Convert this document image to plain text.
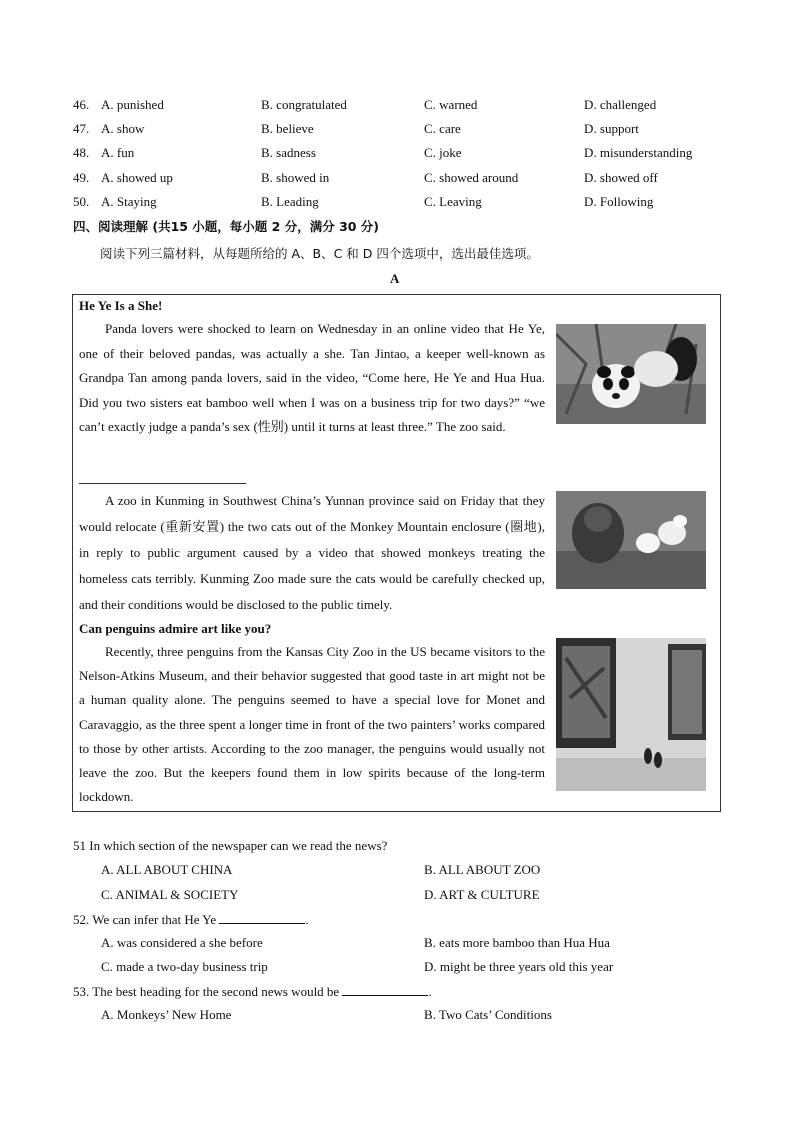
46. A. punished	B. congratulated	C. warned	D. challenged
47. A. show	B. believe	C. care	D. support
48. A. fun	B. sadness	C. joke	D. misunderstanding
49. A. showed up	B. showed in	C. showed around	D. showed off
50. A. Staying	B. Leading	C. Leaving	D. Following
四、阅读理解 (共15 小题，每小题 2 分，满分 30 分)
阅读下列三篇材料，从每题所给的 A、B、C 和 D 四个选项中，选出最佳选项。
A
He Ye Is a She!
Panda lovers were shocked to learn on Wednesday in an online video that He Ye, one of their beloved pandas, was actually a she. Tan Jintao, a keeper well-known as Grandpa Tan among panda lovers, said in the video, “Come here, He Ye and Hua Hua. Did you two sisters eat bamboo well when I was on a business trip for two days?” “we can’t exactly judge a panda’s sex (性别) until it turns at least three.” The zoo said.
A zoo in Kunming in Southwest China’s Yunnan province said on Friday that they would relocate (重新安置) the two cats out of the Monkey Mountain enclosure (圈地), in reply to public argument caused by a video that showed monkeys treating the homeless cats terribly. Kunming Zoo made sure the cats would be carefully checked up, and their conditions would be disclosed to the public timely.
Can penguins admire art like you?
Recently, three penguins from the Kansas City Zoo in the US became visitors to the Nelson-Atkins Museum, and their behavior suggested that good taste in art might not be a human quality alone. The penguins seemed to have a special love for Monet and Caravaggio, as the three spent a longer time in front of the two painters’ works compared to those by other artists. According to the zoo manager, the penguins would usually not leave the zoo. But the keepers found them in low spirits because of the long-term lockdown.
51 In which section of the newspaper can we read the news?
A. ALL ABOUT CHINA	B. ALL ABOUT ZOO
C. ANIMAL & SOCIETY	D. ART & CULTURE
52. We can infer that He Ye	.
A. was considered a she before	B. eats more bamboo than Hua Hua
C. made a two-day business trip	D. might be three years old this year
53. The best heading for the second news would be	.
A. Monkeys’ New Home	B. Two Cats’ Conditions
